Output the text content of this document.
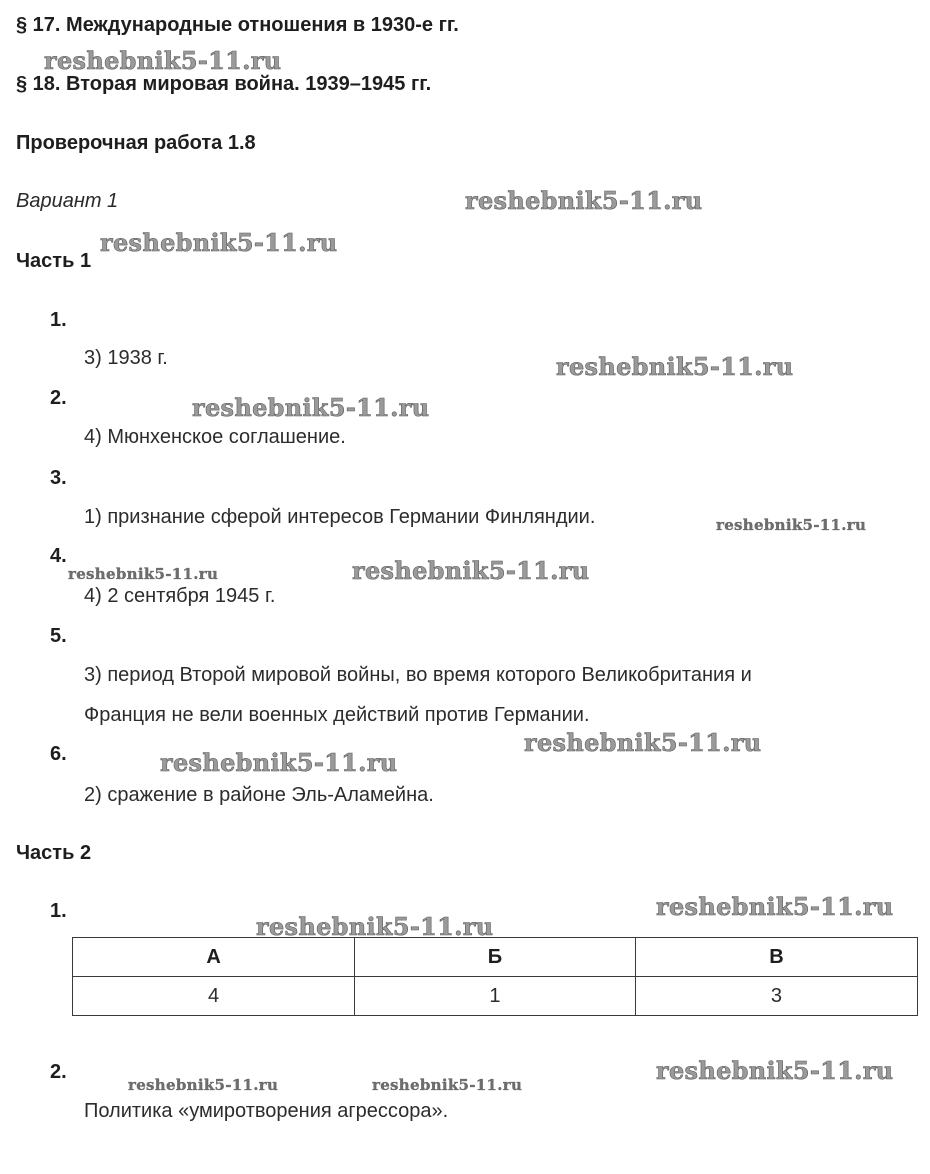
§ 17. Международные отношения в 1930-е гг.
§ 18. Вторая мировая война. 1939–1945 гг.
Проверочная работа 1.8
Вариант 1
Часть 1
1.
3) 1938 г.
2.
4) Мюнхенское соглашение.
3.
1) признание сферой интересов Германии Финляндии.
4.
4) 2 сентября 1945 г.
5.
3) период Второй мировой войны, во время которого Великобритания и
Франция не вели военных действий против Германии.
6.
2) сражение в районе Эль-Аламейна.
Часть 2
1.
А	Б	В
4	1	3
2.
Политика «умиротворения агрессора».
reshebnik5-11.ru
reshebnik5-11.ru
reshebnik5-11.ru
reshebnik5-11.ru
reshebnik5-11.ru
reshebnik5-11.ru
reshebnik5-11.ru	reshebnik5-11.ru
reshebnik5-11.ru
reshebnik5-11.ru
reshebnik5-11.ru
reshebnik5-11.ru
reshebnik5-11.ru	reshebnik5-11.ru	reshebnik5-11.ru
